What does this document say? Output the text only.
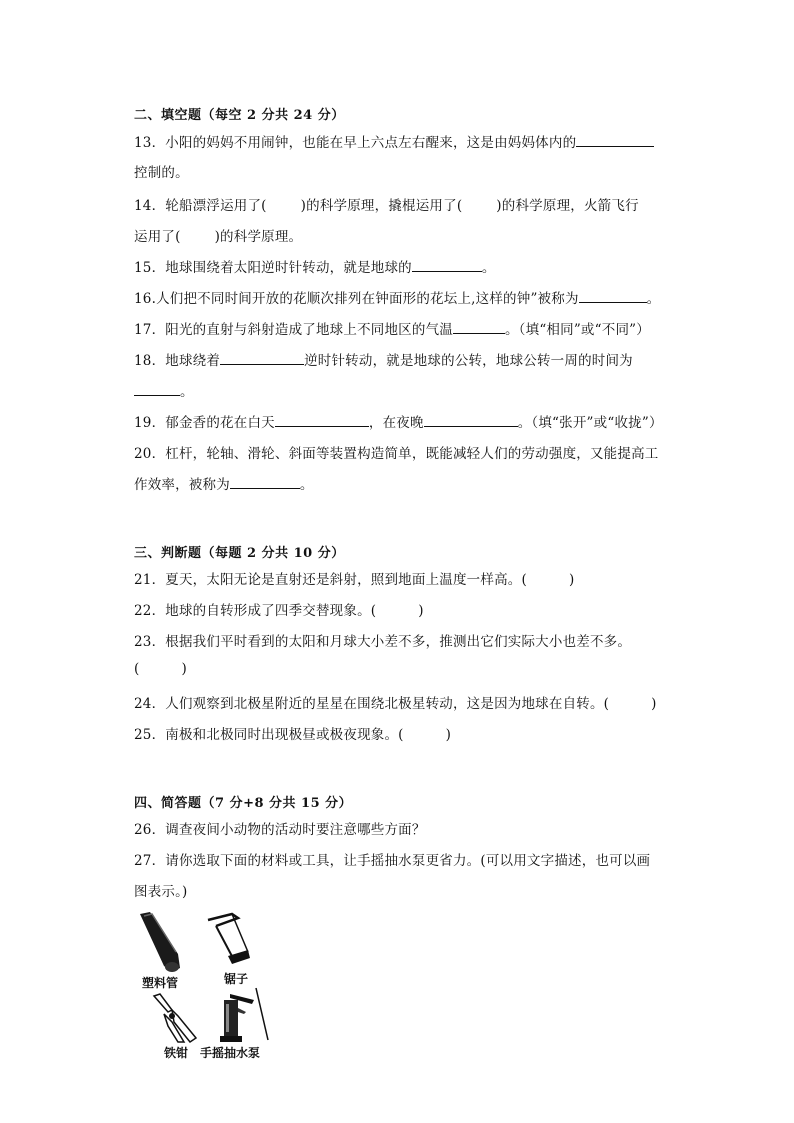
二、填空题（每空 2 分共 24 分）
13．小阳的妈妈不用闹钟，也能在早上六点左右醒来，这是由妈妈体内的
控制的。
14．轮船漂浮运用了(	)的科学原理，撬棍运用了(	)的科学原理，火箭飞行
运用了(	)的科学原理。
15．地球围绕着太阳逆时针转动，就是地球的	。
16.人们把不同时间开放的花顺次排列在钟面形的花坛上,这样的钟”被称为	。
17．阳光的直射与斜射造成了地球上不同地区的气温	。（填“相同”或“不同”）
18．地球绕着	逆时针转动，就是地球的公转，地球公转一周的时间为
。
19．郁金香的花在白天	，在夜晚	。（填“张开”或“收拢”）
20．杠杆，轮轴、滑轮、斜面等装置构造简单，既能减轻人们的劳动强度，又能提高工
作效率，被称为	。
三、判断题（每题 2 分共 10 分）
21．夏天，太阳无论是直射还是斜射，照到地面上温度一样高。(	)
22．地球的自转形成了四季交替现象。(	)
23．根据我们平时看到的太阳和月球大小差不多，推测出它们实际大小也差不多。
(	)
24．人们观察到北极星附近的星星在围绕北极星转动，这是因为地球在自转。(	)
25．南极和北极同时出现极昼或极夜现象。(	)
四、简答题（7 分+8 分共 15 分）
26．调查夜间小动物的活动时要注意哪些方面？
27．请你选取下面的材料或工具，让手摇抽水泵更省力。(可以用文字描述，也可以画
图表示。)
塑料管	锯子
铁钳 手摇抽水泵
